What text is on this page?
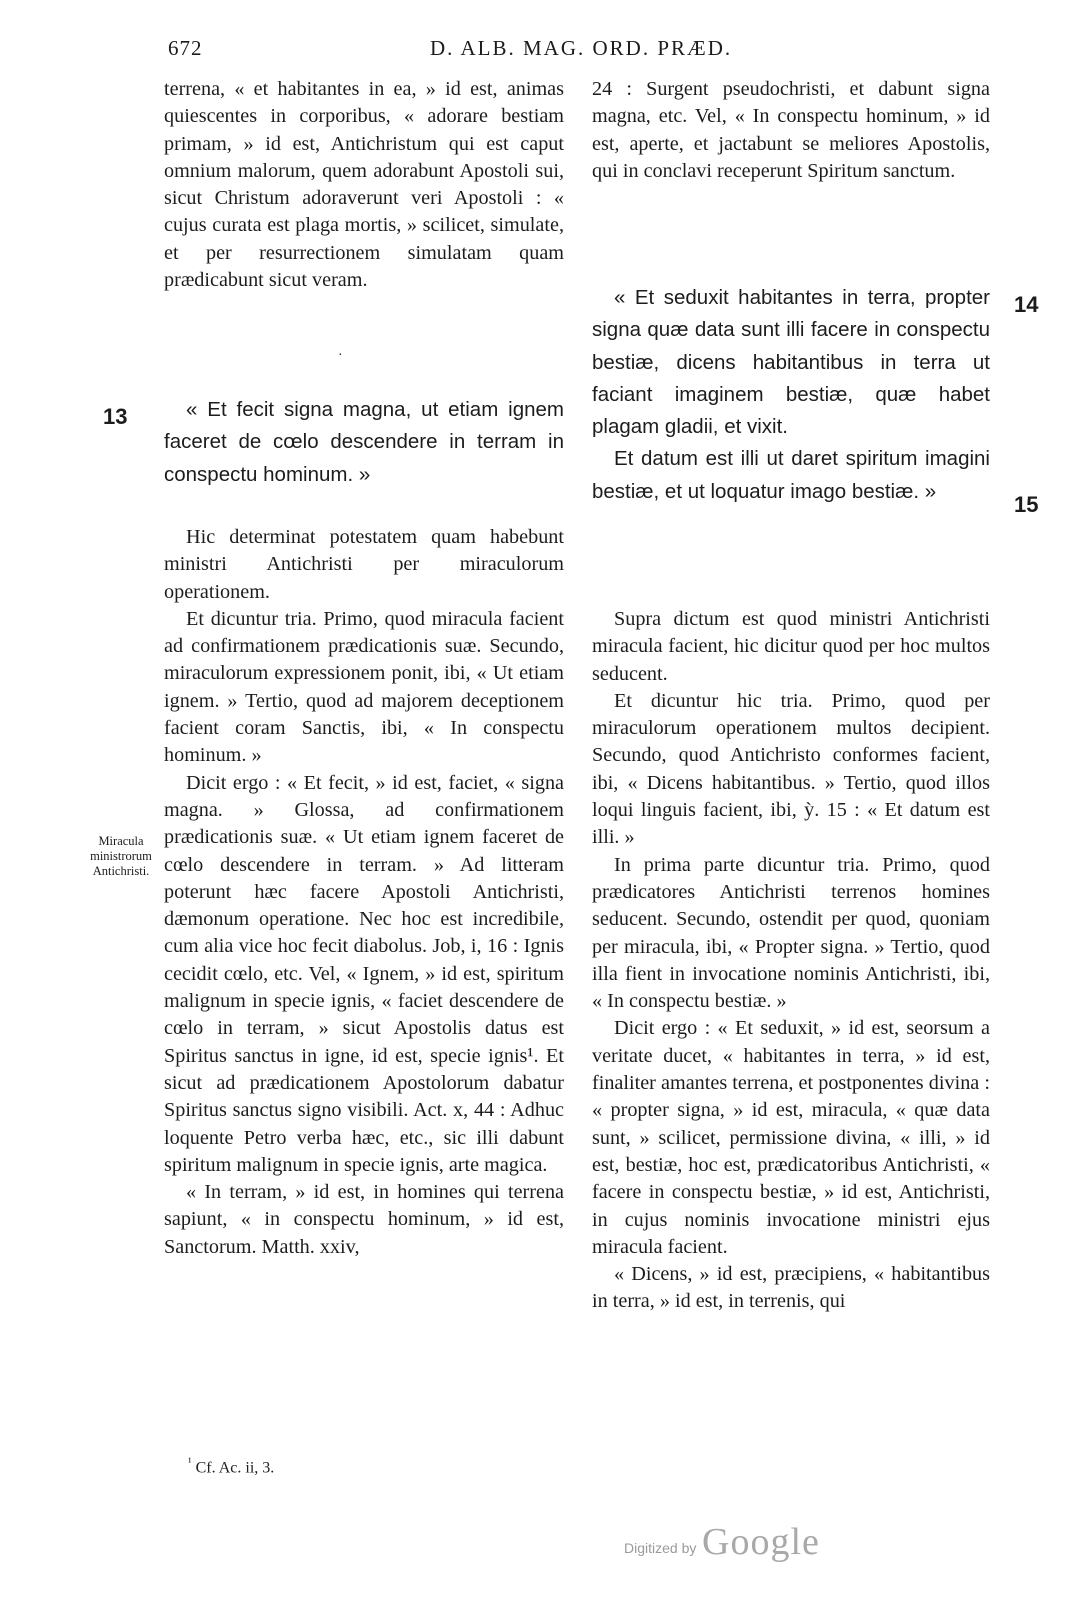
672	D. ALB. MAG. ORD. PRÆD.

terrena, « et habitantes in ea, » id est, animas quiescentes in corporibus, « adorare bestiam primam, » id est, Antichristum qui est caput omnium malorum, quem adorabunt Apostoli sui, sicut Christum adoraverunt veri Apostoli : « cujus curata est plaga mortis, » scilicet, simulate, et per resurrectionem simulatam quam prædicabunt sicut veram.

·
13	« Et fecit signa magna, ut etiam ignem faceret de cœlo descendere in terram in conspectu hominum. »

Hic determinat potestatem quam habebunt ministri Antichristi per miraculorum operationem.

Et dicuntur tria. Primo, quod miracula facient ad confirmationem prædicationis suæ. Secundo, miraculorum expressionem ponit, ibi, « Ut etiam ignem. » Tertio, quod ad majorem deceptionem facient coram Sanctis, ibi, « In conspectu hominum. »

Dicit ergo : « Et fecit, » id est, faciet, « signa magna. » Glossa, ad confirmationem prædicationis suæ. « Ut etiam ignem faceret de cœlo descendere in terram. » Ad litteram poterunt hæc facere Apostoli Antichristi, dæmonum operatione. Nec hoc est incredibile, cum alia vice hoc fecit diabolus. Job, i, 16 : Ignis cecidit cœlo, etc. Vel, « Ignem, » id est, spiritum malignum in specie ignis, « faciet descendere de cœlo in terram, » sicut Apostolis datus est Spiritus sanctus in igne, id est, specie ignis¹. Et sicut ad prædicationem Apostolorum dabatur Spiritus sanctus signo visibili. Act. x, 44 : Adhuc loquente Petro verba hæc, etc., sic illi dabunt spiritum malignum in specie ignis, arte magica.

« In terram, » id est, in homines qui terrena sapiunt, « in conspectu hominum, » id est, Sanctorum. Matth. xxiv,

Miracula ministrorum Antichristi.

24 : Surgent pseudochristi, et dabunt signa magna, etc. Vel, « In conspectu hominum, » id est, aperte, et jactabunt se meliores Apostolis, qui in conclavi receperunt Spiritum sanctum.

14
15

« Et seduxit habitantes in terra, propter signa quæ data sunt illi facere in conspectu bestiæ, dicens habitantibus in terra ut faciant imaginem bestiæ, quæ habet plagam gladii, et vixit.

Et datum est illi ut daret spiritum imagini bestiæ, et ut loquatur imago bestiæ. »

Supra dictum est quod ministri Antichristi miracula facient, hic dicitur quod per hoc multos seducent.

Et dicuntur hic tria. Primo, quod per miraculorum operationem multos decipient. Secundo, quod Antichristo conformes facient, ibi, « Dicens habitantibus. » Tertio, quod illos loqui linguis facient, ibi, ỳ. 15 : « Et datum est illi. »

In prima parte dicuntur tria. Primo, quod prædicatores Antichristi terrenos homines seducent. Secundo, ostendit per quod, quoniam per miracula, ibi, « Propter signa. » Tertio, quod illa fient in invocatione nominis Antichristi, ibi, « In conspectu bestiæ. »

Dicit ergo : « Et seduxit, » id est, seorsum a veritate ducet, « habitantes in terra, » id est, finaliter amantes terrena, et postponentes divina : « propter signa, » id est, miracula, « quæ data sunt, » scilicet, permissione divina, « illi, » id est, bestiæ, hoc est, prædicatoribus Antichristi, « facere in conspectu bestiæ, » id est, Antichristi, in cujus nominis invocatione ministri ejus miracula facient.

« Dicens, » id est, præcipiens, « habitantibus in terra, » id est, in terrenis, qui

$^{^1}$ Cf. Ac. ii, 3.
Digitized by Google
